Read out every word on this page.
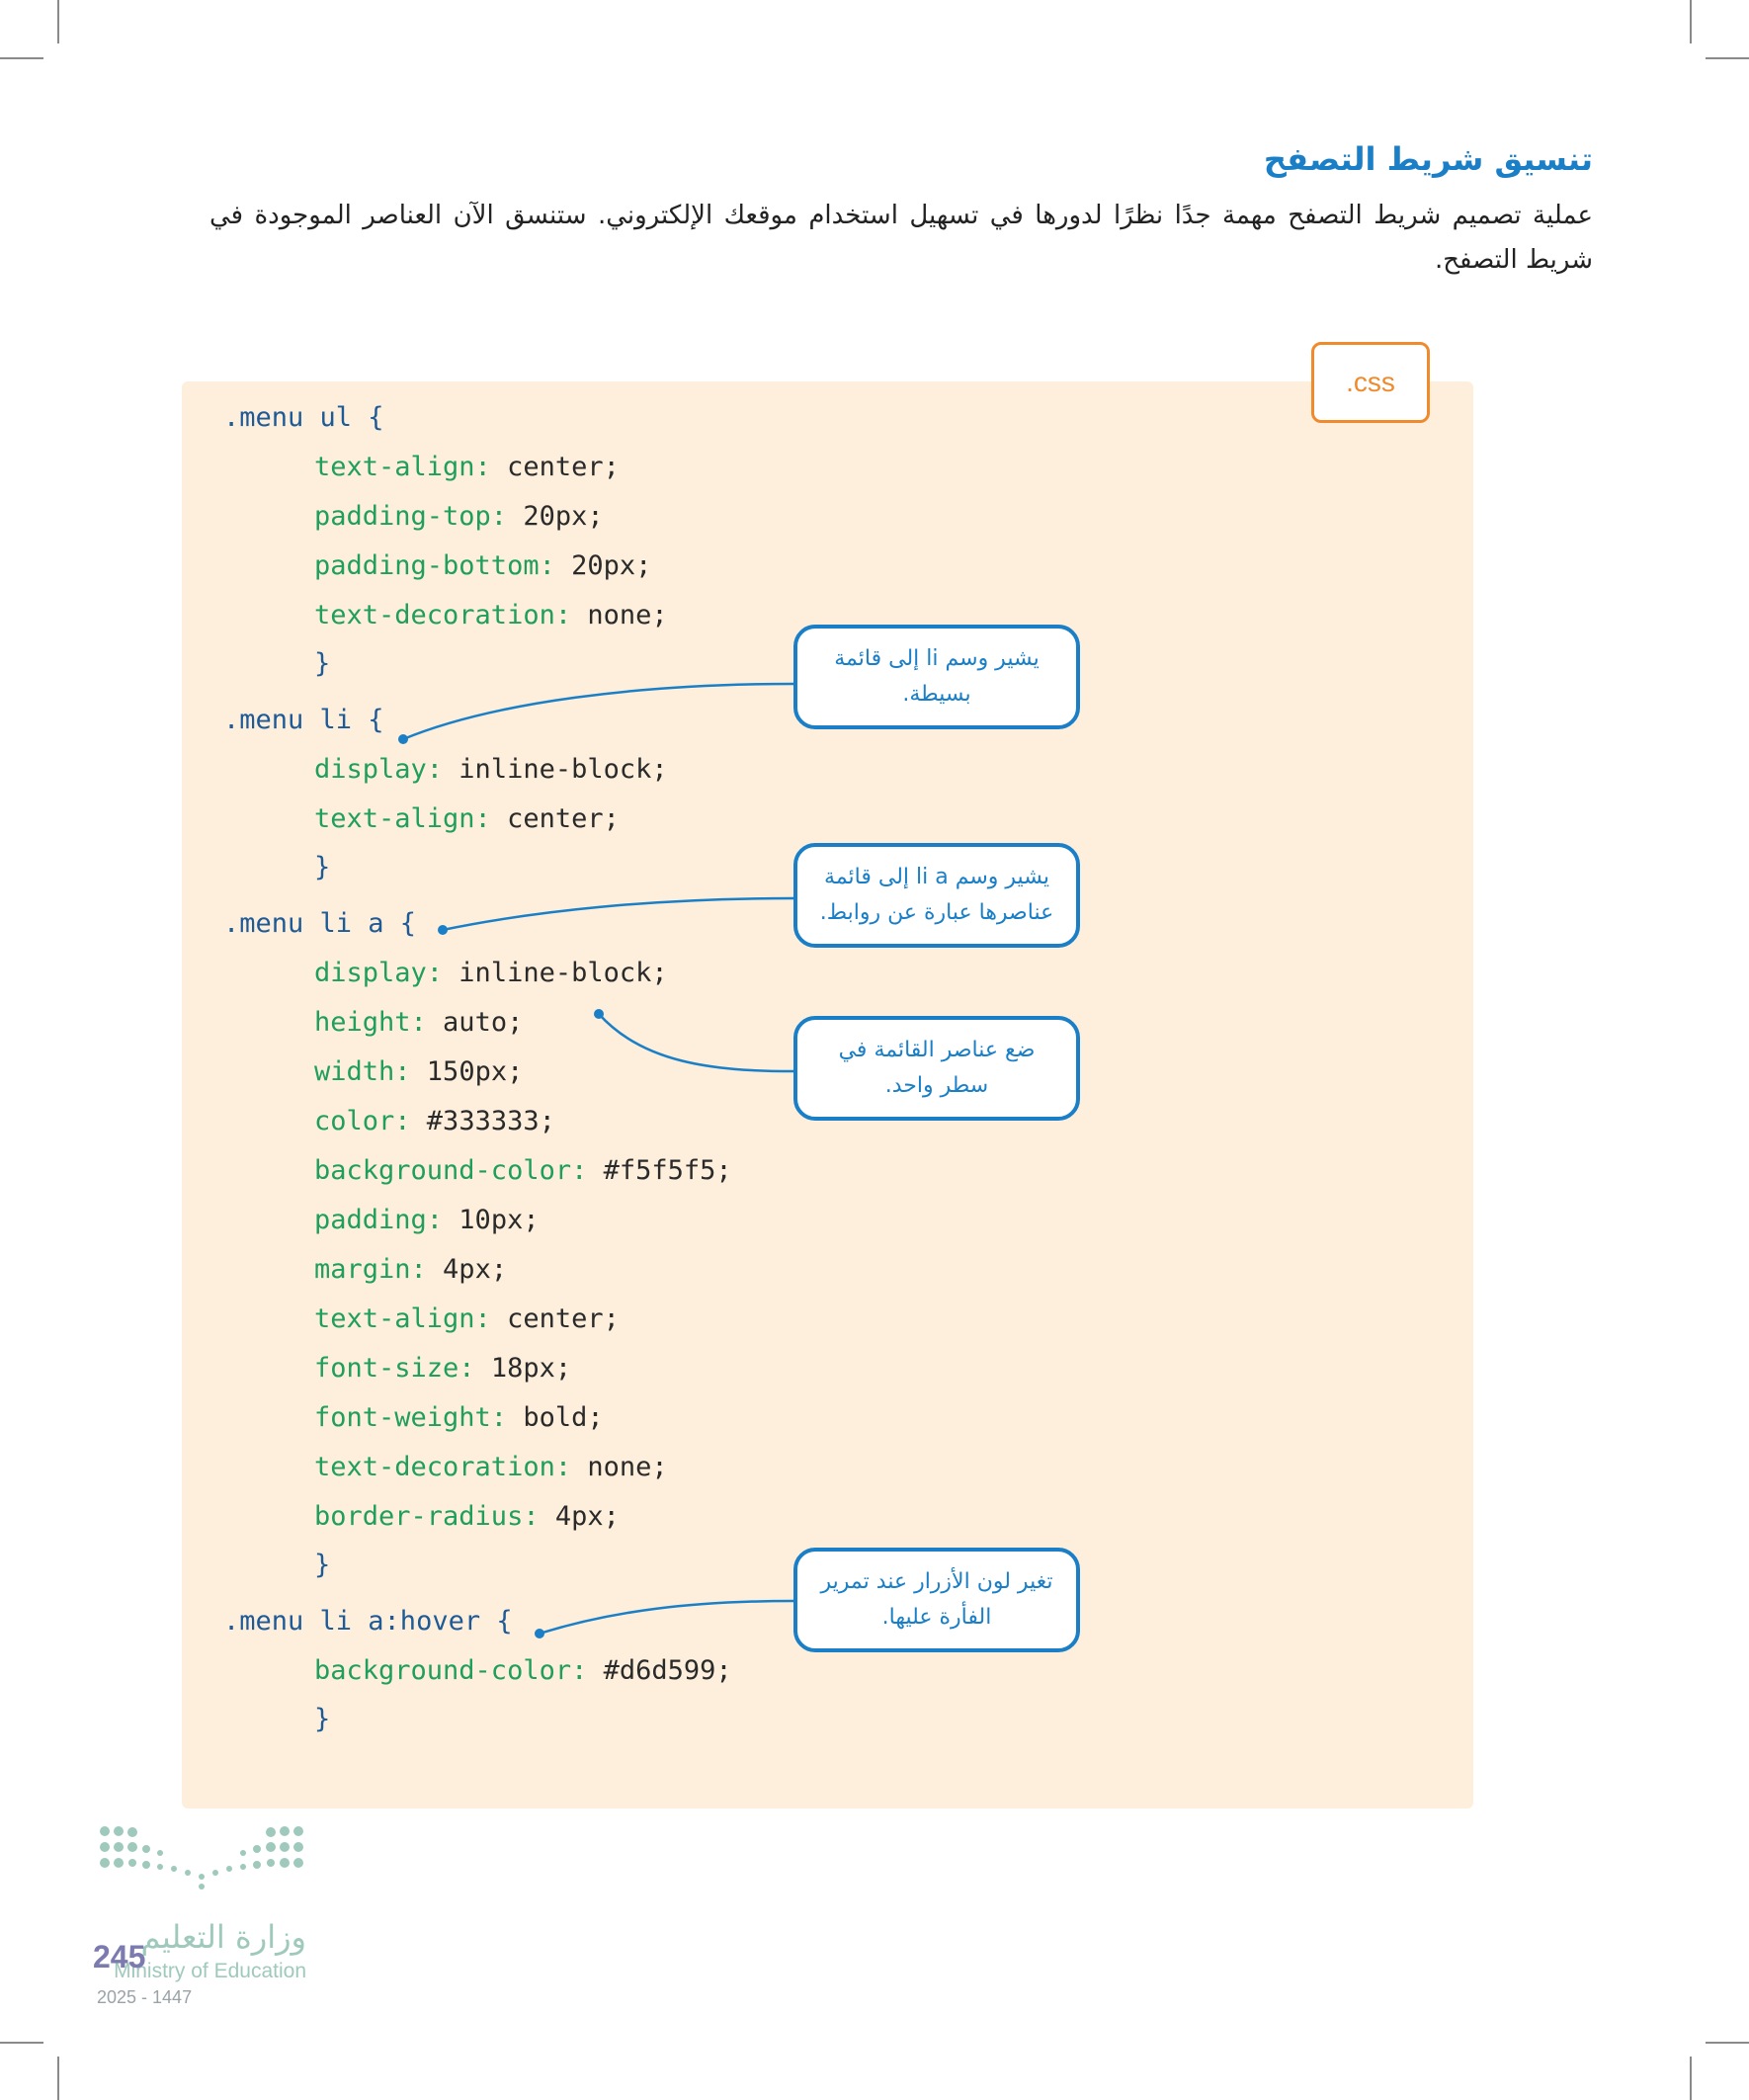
تنسيق شريط التصفح

عملية تصميم شريط التصفح مهمة جدًا نظرًا لدورها في تسهيل استخدام موقعك الإلكتروني. ستنسق الآن العناصر الموجودة في شريط التصفح.

.menu ul {
text-align: center;
padding-top: 20px;
padding-bottom: 20px;
text-decoration: none;
}
.menu li {
display: inline-block;
text-align: center;
}
.menu li a {
display: inline-block;
height: auto;
width: 150px;
color: #333333;
background-color: #f5f5f5;
padding: 10px;
margin: 4px;
text-align: center;
font-size: 18px;
font-weight: bold;
text-decoration: none;
border-radius: 4px;
}
.menu li a:hover {
background-color: #d6d599;
}
.css
يشير وسم li إلى قائمة بسيطة.
يشير وسم li a إلى قائمة عناصرها عبارة عن روابط.
ضع عناصر القائمة في سطر واحد.
تغير لون الأزرار عند تمرير الفأرة عليها.
وزارة التعليم
Ministry of Education
2025 - 1447
245
